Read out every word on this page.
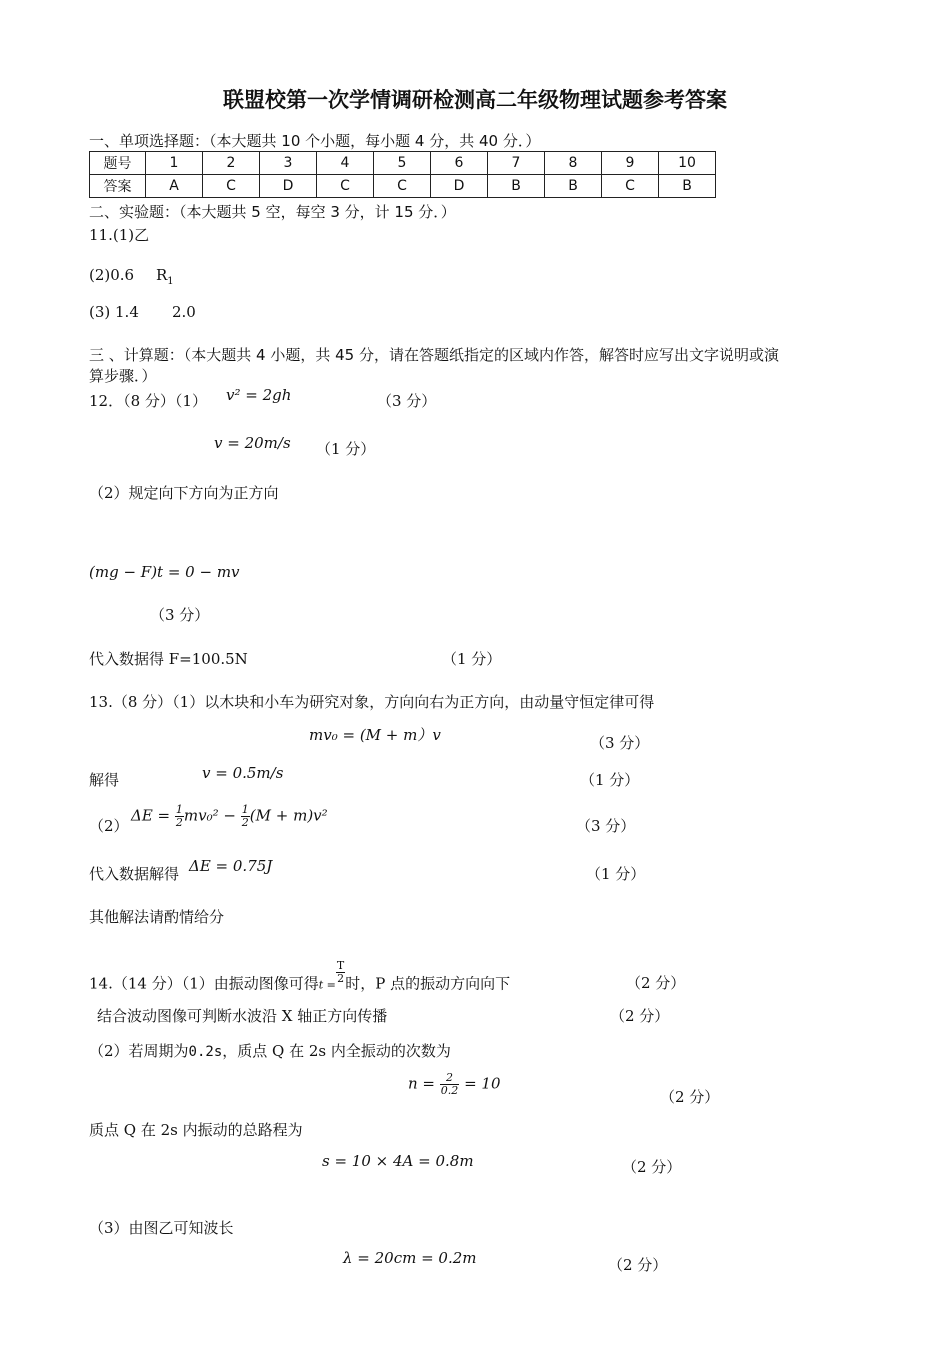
联盟校第一次学情调研检测高二年级物理试题参考答案
一、单项选择题：（本大题共 10 个小题，每小题 4 分，共 40 分．）
题号	1	2	3	4	5	6	7	8	9	10
答案	A	C	D	C	C	D	B	B	C	B
二、实验题：（本大题共 5 空，每空 3 分，计 15 分．）
11.(1)乙
(2)0.6 $R_1$
(3) 1.4 2.0
三 、计算题：（本大题共 4 小题，共 45 分，请在答题纸指定的区域内作答，解答时应写出文字说明或演
算步骤．）
12．（8 分）（1） v² = 2gh	（3 分）
v = 20m/s （1 分）
（2）规定向下方向为正方向
(mg − F)t = 0 − mv
（3 分）
代入数据得 F=100.5N	（1 分）
13.（8 分）（1）以木块和小车为研究对象，方向向右为正方向，由动量守恒定律可得
mv₀ = (M + m）v	（3 分）
解得	v = 0.5m/s	（1 分）
（2）
$\Delta E = \frac{1}{2} mv_0^2 - \frac{1}{2} (M + m)v^2$
（3 分）
代入数据解得 ΔE = 0.75J	（1 分）
其他解法请酌情给分
14.（14 分）（1）由振动图像可得$t = \frac{T}{2}$ 时，P 点的振动方向向下	（2 分）
结合波动图像可判断水波沿 X 轴正方向传播	（2 分）
（2）若周期为0.2s，质点 Q 在 2s 内全振动的次数为
$n = \frac{2}{0.2} = 10$
（2 分）
质点 Q 在 2s 内振动的总路程为
s = 10 × 4A = 0.8m	（2 分）
（3）由图乙可知波长
λ = 20cm = 0.2m	（2 分）
